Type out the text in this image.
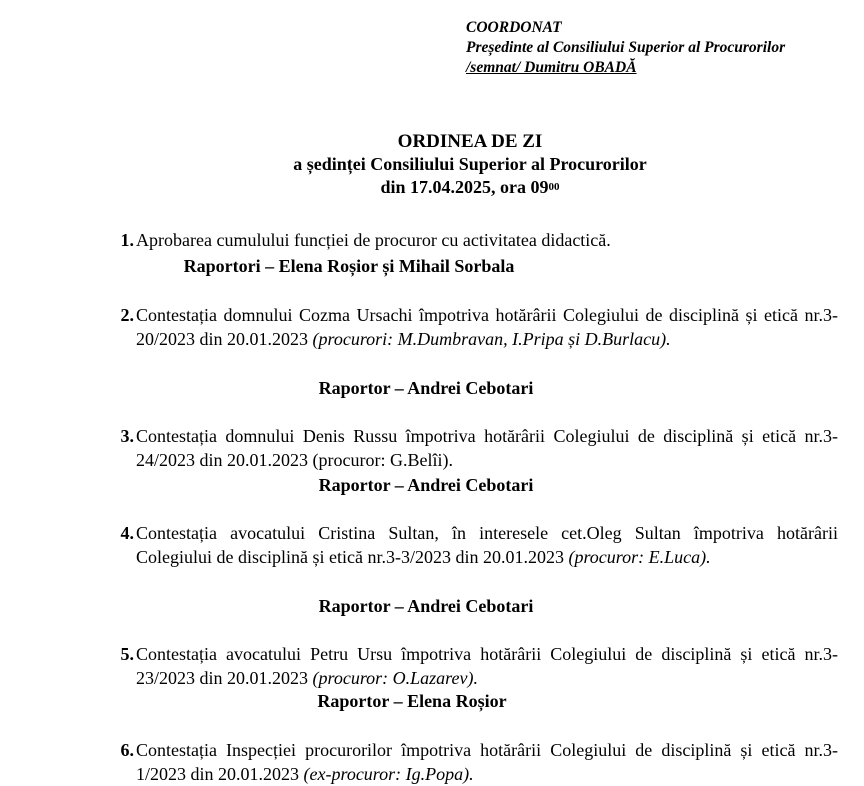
COORDONAT
Președinte al Consiliului Superior al Procurorilor
/semnat/ Dumitru OBADĂ
ORDINEA DE ZI
a ședinței Consiliului Superior al Procurorilor
din 17.04.2025, ora $09^{00}$
1. Aprobarea cumulului funcției de procuror cu activitatea didactică.
Raportori – Elena Roșior și Mihail Sorbala
2. Contestația domnului Cozma Ursachi împotriva hotărârii Colegiului de disciplină și etică nr.3-20/2023 din 20.01.2023 (procurori: M.Dumbravan, I.Pripa și D.Burlacu).
Raportor – Andrei Cebotari
3. Contestația domnului Denis Russu împotriva hotărârii Colegiului de disciplină și etică nr.3-24/2023 din 20.01.2023 (procuror: G.Belîi).
Raportor – Andrei Cebotari
4. Contestația avocatului Cristina Sultan, în interesele cet.Oleg Sultan împotriva hotărârii Colegiului de disciplină și etică nr.3-3/2023 din 20.01.2023 (procuror: E.Luca).
Raportor – Andrei Cebotari
5. Contestația avocatului Petru Ursu împotriva hotărârii Colegiului de disciplină și etică nr.3-23/2023 din 20.01.2023 (procuror: O.Lazarev).
Raportor – Elena Roșior
6. Contestația Inspecției procurorilor împotriva hotărârii Colegiului de disciplină și etică nr.3-1/2023 din 20.01.2023 (ex-procuror: Ig.Popa).
